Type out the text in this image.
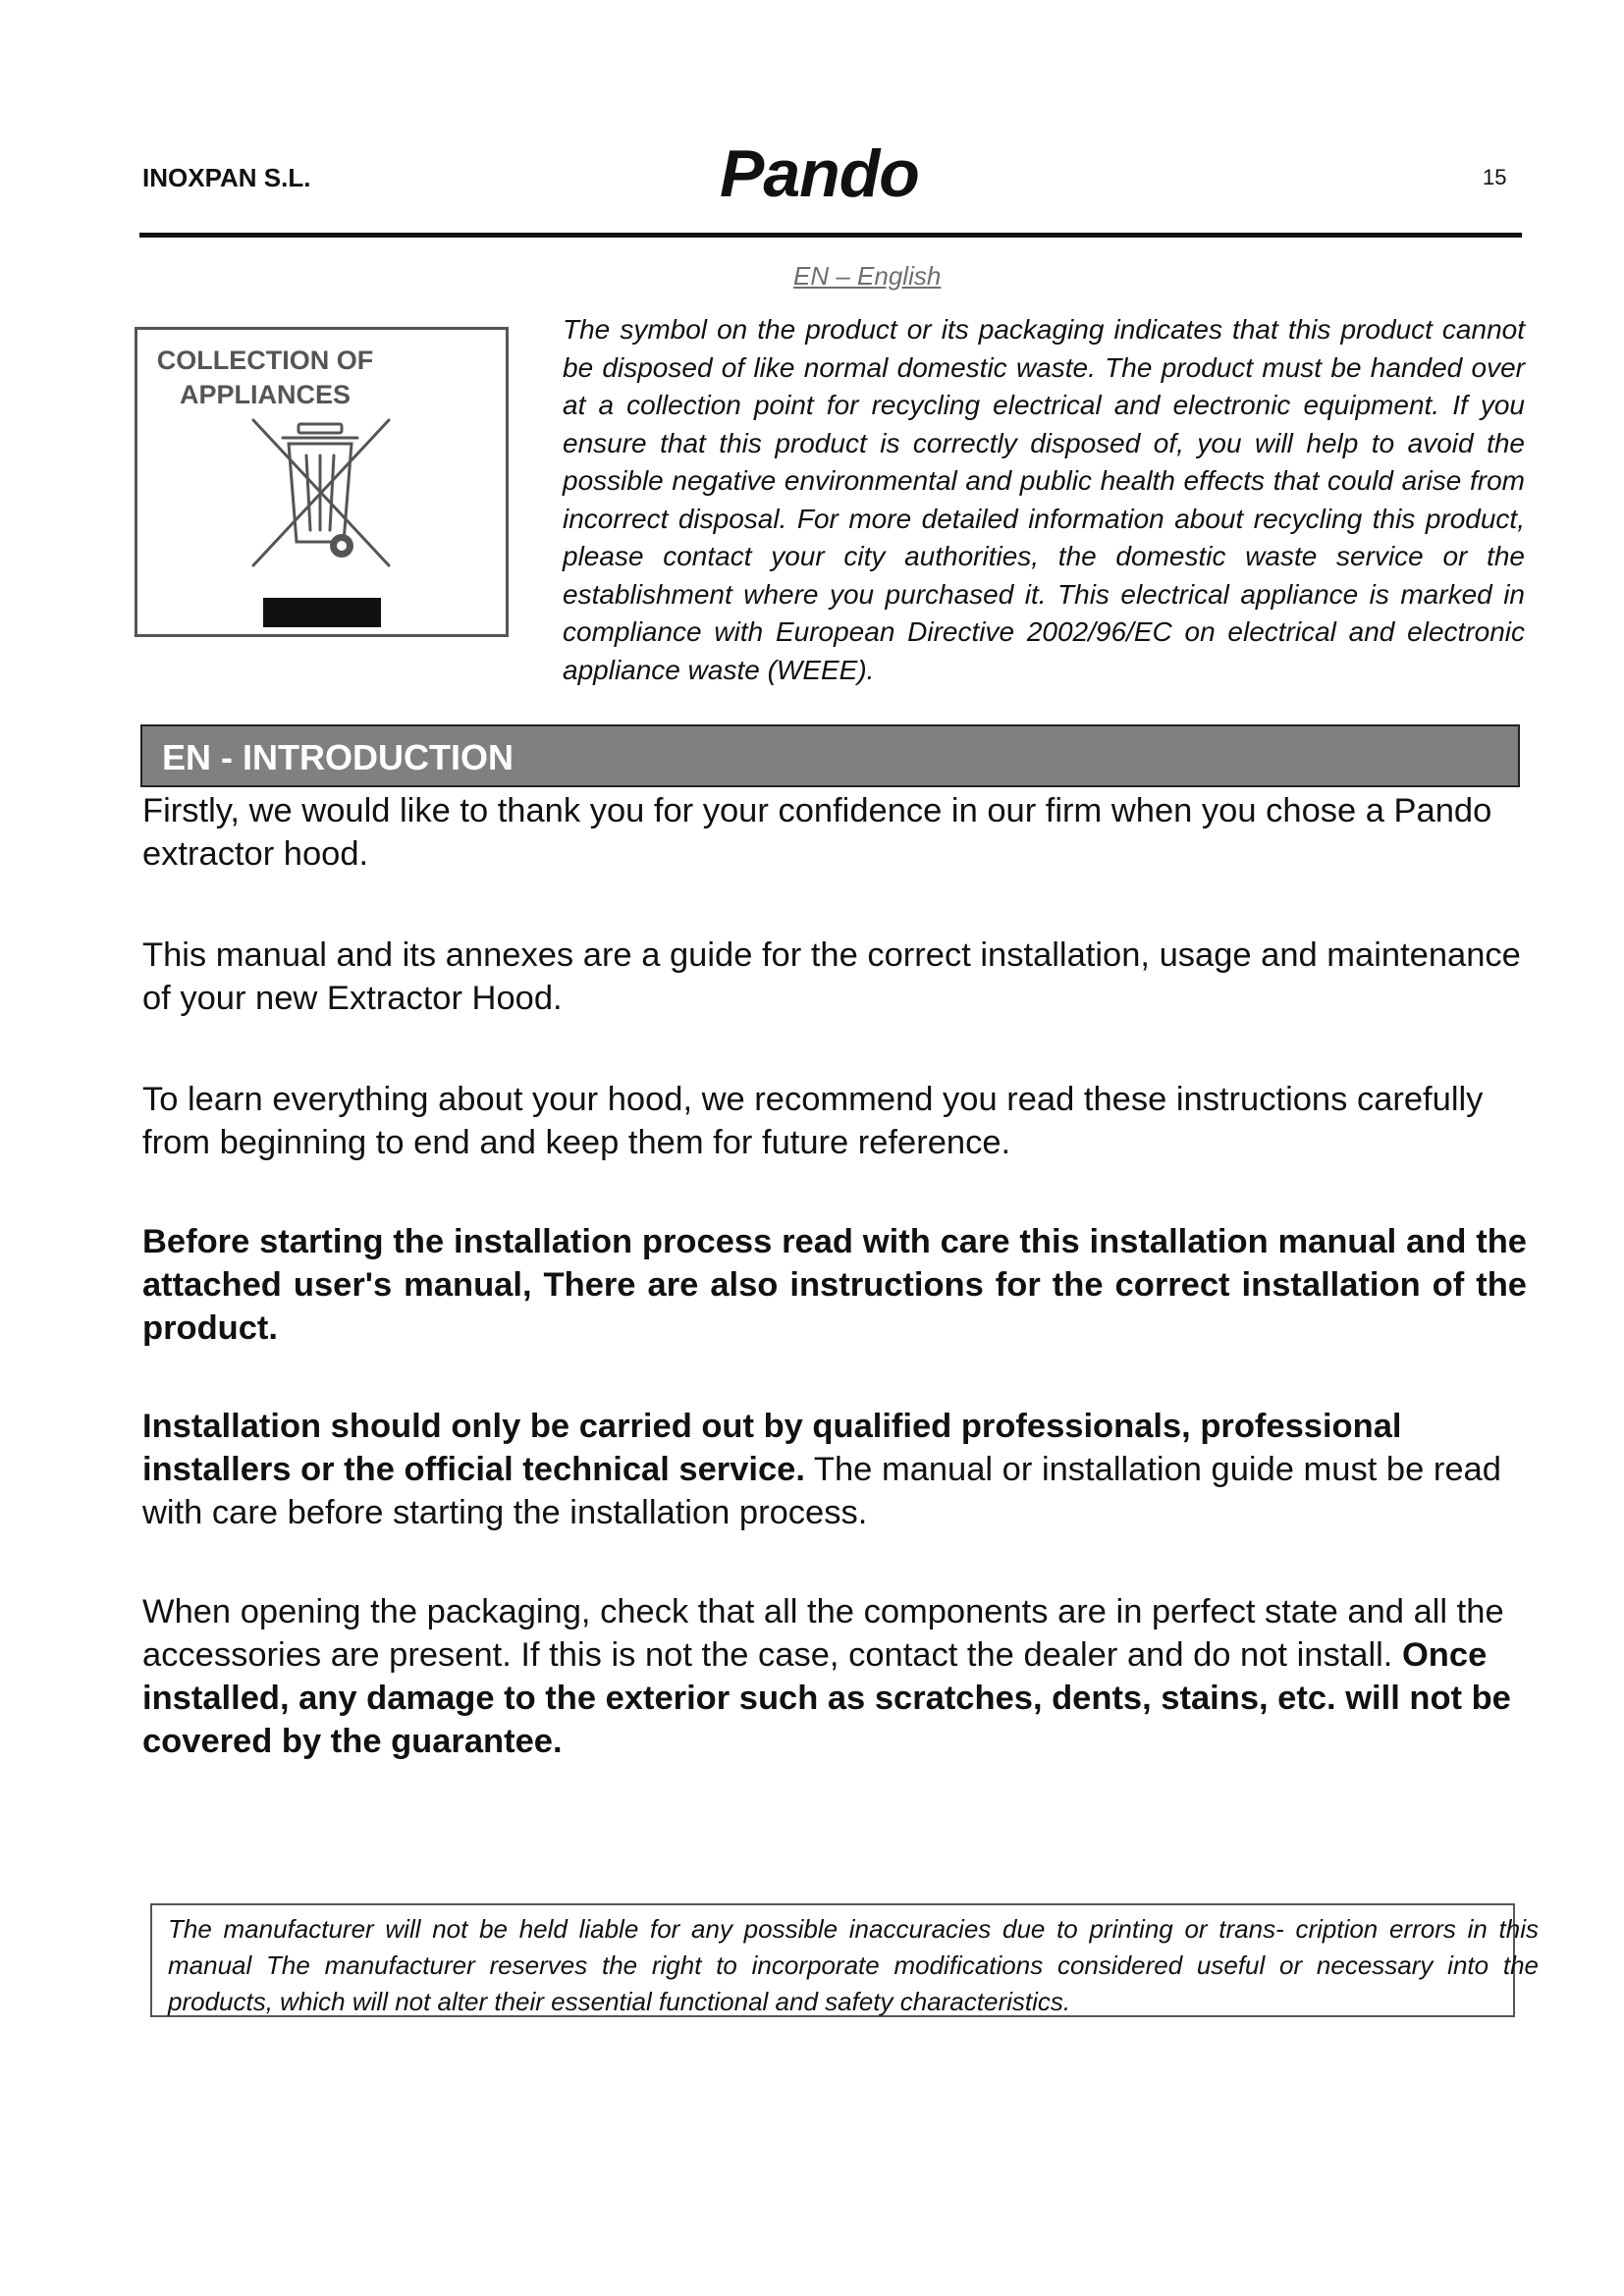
INOXPAN S.L.	Pando	15
EN – English
COLLECTION OF
APPLIANCES
The symbol on the product or its packaging indicates that this product cannot be disposed of like normal domestic waste. The product must be handed over at a collection point for recycling electrical and electronic equipment. If you ensure that this product is correctly disposed of, you will help to avoid the possible negative environmental and public health effects that could arise from incorrect disposal. For more detailed information about recycling this product, please contact your city authorities, the domestic waste service or the establishment where you purchased it. This electrical appliance is marked in compliance with European Directive 2002/96/EC on electrical and electronic appliance waste (WEEE).
EN - INTRODUCTION

Firstly, we would like to thank you for your confidence in our firm when you chose a Pando extractor hood.

This manual and its annexes are a guide for the correct installation, usage and maintenance of your new Extractor Hood.

To learn everything about your hood, we recommend you read these instructions carefully from beginning to end and keep them for future reference.

Before starting the installation process read with care this installation manual and the attached user's manual, There are also instructions for the correct installation of the product.

Installation should only be carried out by qualified professionals, professional installers or the official technical service. The manual or installation guide must be read with care before starting the installation process.

When opening the packaging, check that all the components are in perfect state and all the accessories are present. If this is not the case, contact the dealer and do not install. Once installed, any damage to the exterior such as scratches, dents, stains, etc. will not be covered by the guarantee.

The manufacturer will not be held liable for any possible inaccuracies due to printing or trans- cription errors in this manual The manufacturer reserves the right to incorporate modifications considered useful or necessary into the products, which will not alter their essential functional and safety characteristics.
